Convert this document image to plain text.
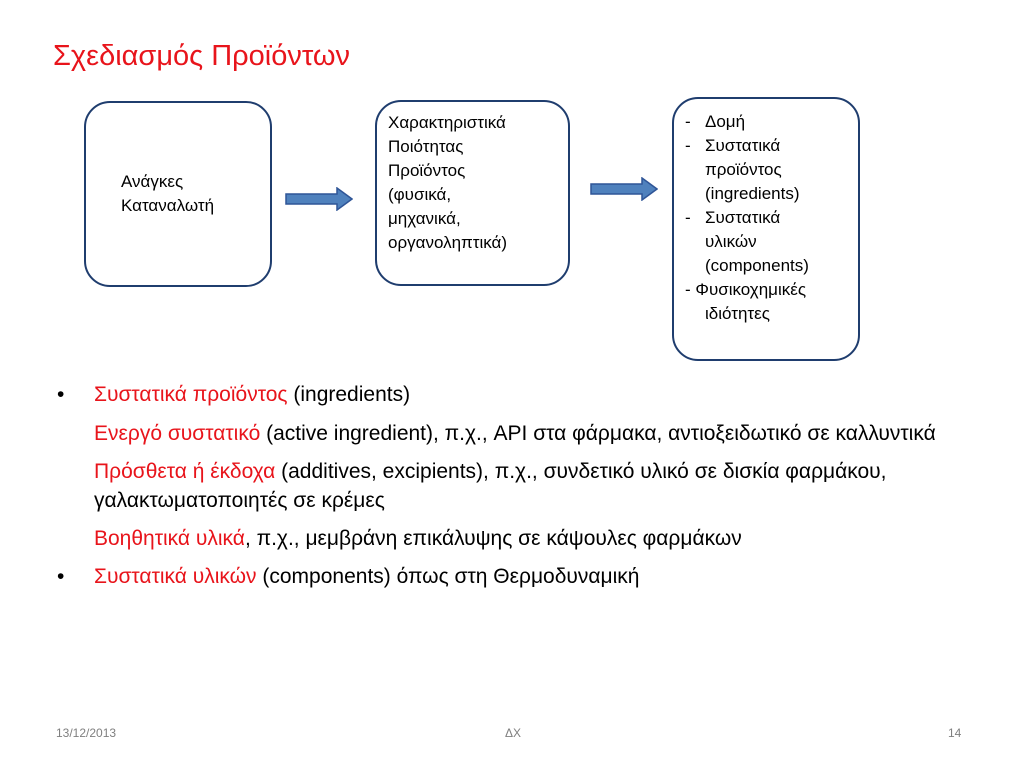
Σχεδιασμός Προϊόντων
Ανάγκες
Καταναλωτή
Χαρακτηριστικά
Ποιότητας
Προϊόντος
(φυσικά,
μηχανικά,
οργανοληπτικά)
- Δομή
- Συστατικά
προϊόντος
(ingredients)
- Συστατικά
υλικών
(components)
- Φυσικοχημικές
ιδιότητες
• Συστατικά προϊόντος (ingredients)
Ενεργό συστατικό (active ingredient), π.χ., API στα φάρμακα, αντιοξειδωτικό σε καλλυντικά
Πρόσθετα ή έκδοχα (additives, excipients), π.χ., συνδετικό υλικό σε δισκία φαρμάκου, γαλακτωματοποιητές σε κρέμες
Βοηθητικά υλικά, π.χ., μεμβράνη επικάλυψης σε κάψουλες φαρμάκων
• Συστατικά υλικών (components) όπως στη Θερμοδυναμική
13/12/2013	ΔΧ	14
